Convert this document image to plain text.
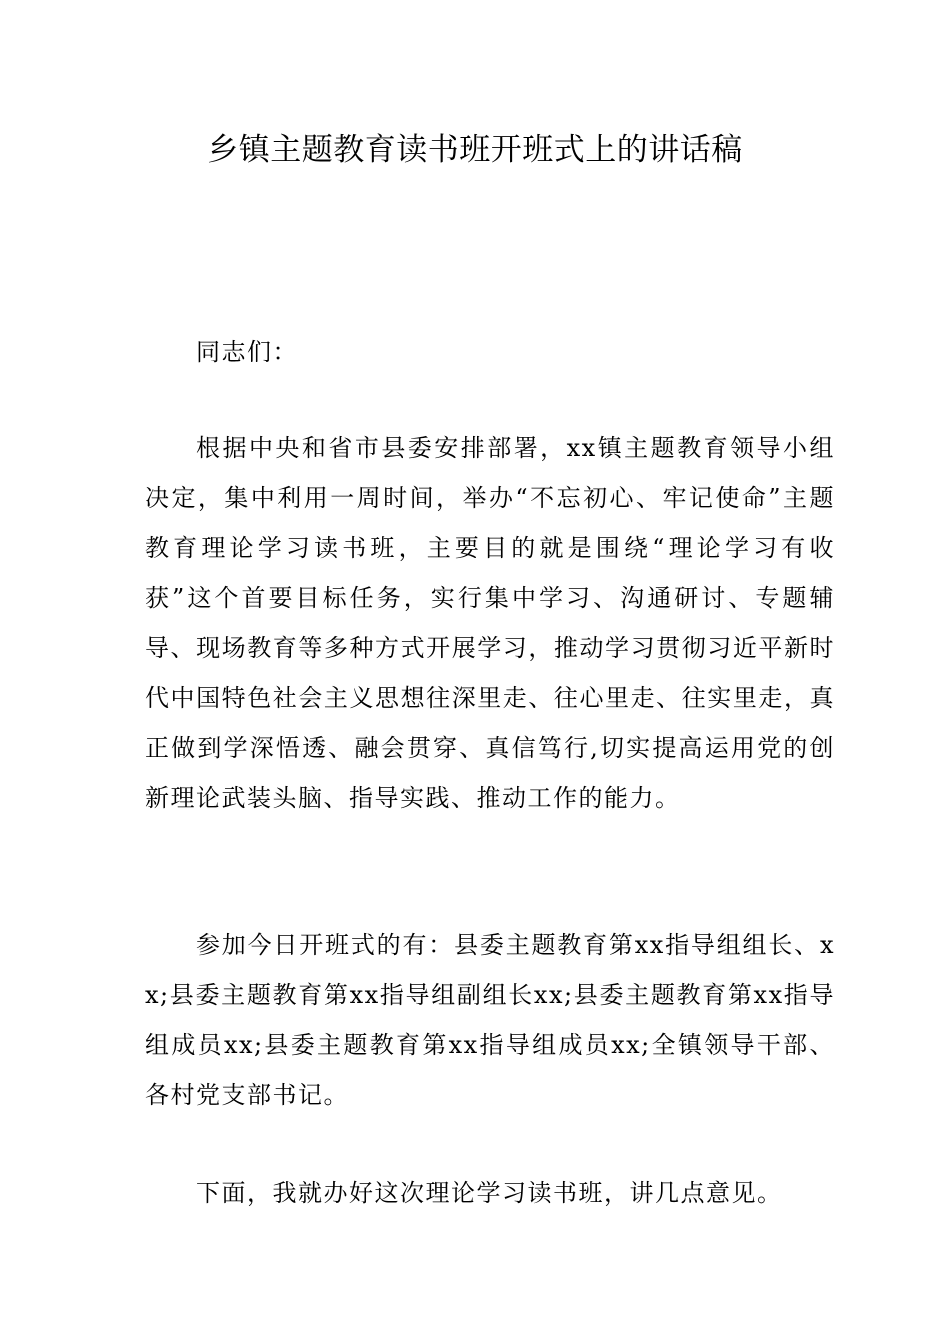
乡镇主题教育读书班开班式上的讲话稿

同志们：

根据中央和省市县委安排部署，xx镇主题教育领导小组决定，集中利用一周时间，举办“不忘初心、牢记使命”主题教育理论学习读书班，主要目的就是围绕“理论学习有收获”这个首要目标任务，实行集中学习、沟通研讨、专题辅导、现场教育等多种方式开展学习，推动学习贯彻习近平新时代中国特色社会主义思想往深里走、往心里走、往实里走，真正做到学深悟透、融会贯穿、真信笃行,切实提高运用党的创新理论武装头脑、指导实践、推动工作的能力。

参加今日开班式的有：县委主题教育第xx指导组组长、xx;县委主题教育第xx指导组副组长xx;县委主题教育第xx指导组成员xx;县委主题教育第xx指导组成员xx;全镇领导干部、各村党支部书记。

下面，我就办好这次理论学习读书班，讲几点意见。
